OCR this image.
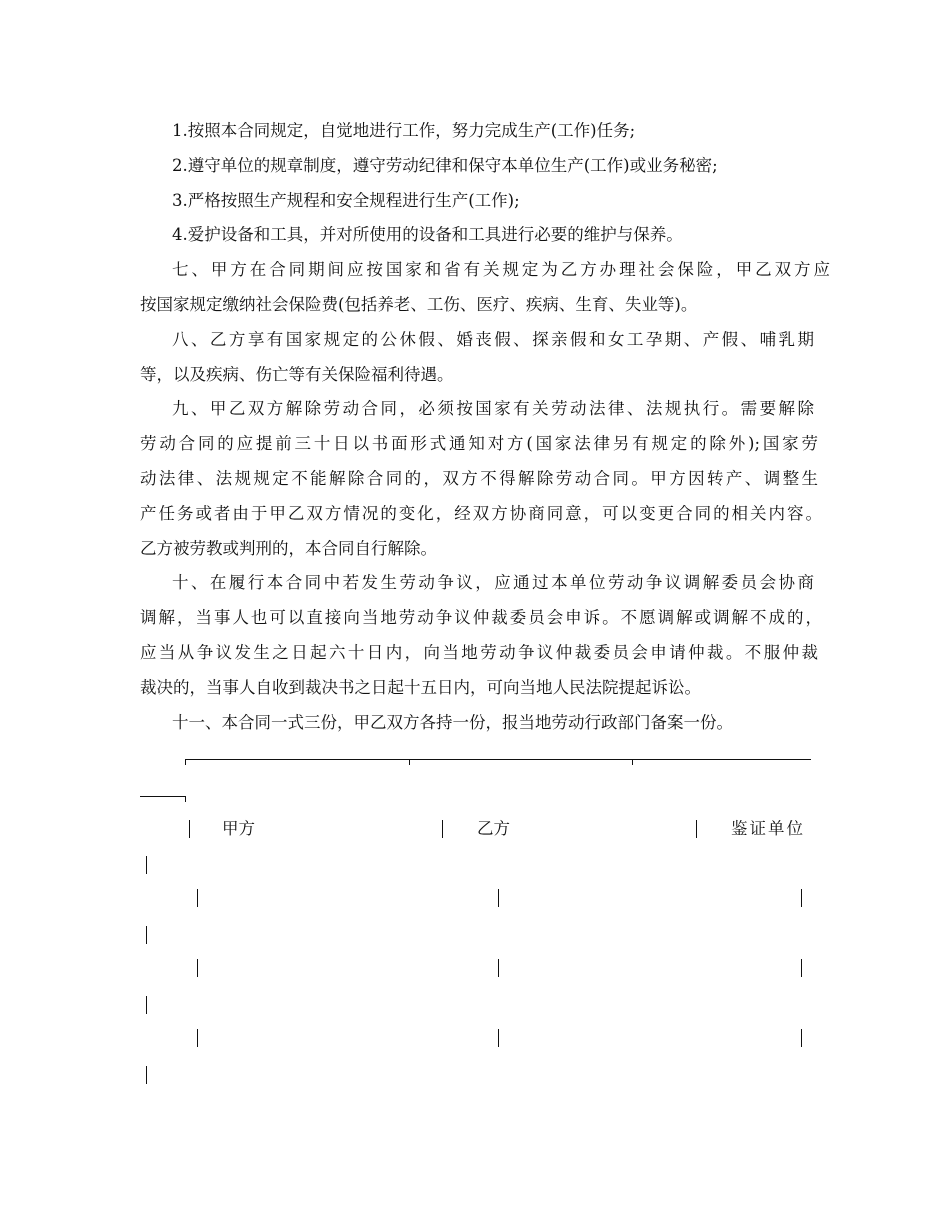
1.按照本合同规定，自觉地进行工作，努力完成生产(工作)任务;
2.遵守单位的规章制度，遵守劳动纪律和保守本单位生产(工作)或业务秘密;
3.严格按照生产规程和安全规程进行生产(工作);
4.爱护设备和工具，并对所使用的设备和工具进行必要的维护与保养。
七、甲方在合同期间应按国家和省有关规定为乙方办理社会保险，甲乙双方应
按国家规定缴纳社会保险费(包括养老、工伤、医疗、疾病、生育、失业等)。
八、乙方享有国家规定的公休假、婚丧假、探亲假和女工孕期、产假、哺乳期
等，以及疾病、伤亡等有关保险福利待遇。
九、甲乙双方解除劳动合同，必须按国家有关劳动法律、法规执行。需要解除
劳动合同的应提前三十日以书面形式通知对方(国家法律另有规定的除外);国家劳
动法律、法规规定不能解除合同的，双方不得解除劳动合同。甲方因转产、调整生
产任务或者由于甲乙双方情况的变化，经双方协商同意，可以变更合同的相关内容。
乙方被劳教或判刑的，本合同自行解除。
十、在履行本合同中若发生劳动争议，应通过本单位劳动争议调解委员会协商
调解，当事人也可以直接向当地劳动争议仲裁委员会申诉。不愿调解或调解不成的，
应当从争议发生之日起六十日内，向当地劳动争议仲裁委员会申请仲裁。不服仲裁
裁决的，当事人自收到裁决书之日起十五日内，可向当地人民法院提起诉讼。
十一、本合同一式三份，甲乙双方各持一份，报当地劳动行政部门备案一份。
甲方	乙方	鉴证单位
